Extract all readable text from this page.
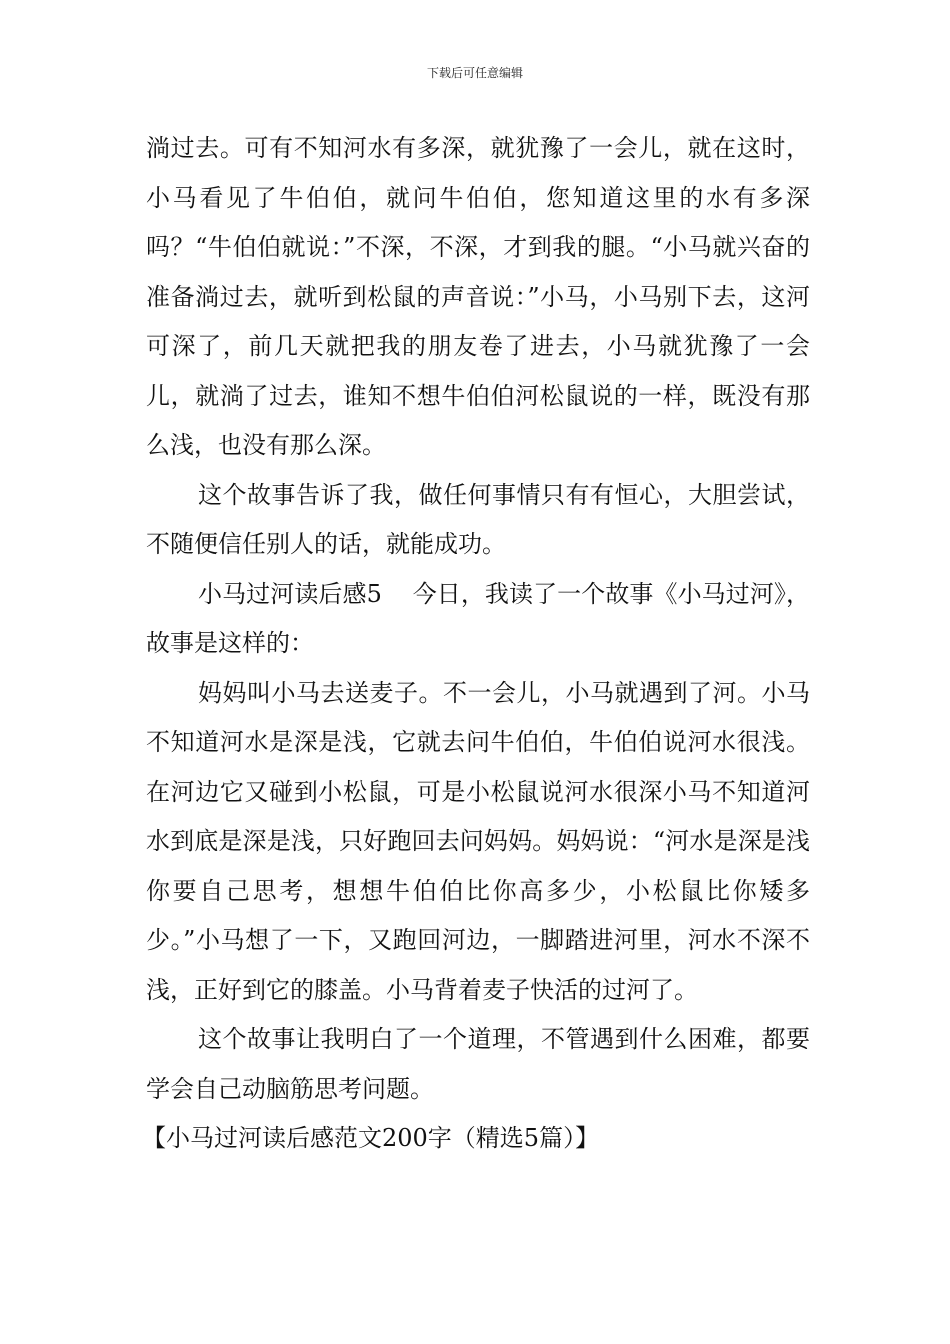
下载后可任意编辑

淌过去。可有不知河水有多深，就犹豫了一会儿，就在这时，小马看见了牛伯伯，就问牛伯伯，您知道这里的水有多深吗？“牛伯伯就说：”不深，不深，才到我的腿。“小马就兴奋的准备淌过去，就听到松鼠的声音说：”小马，小马别下去，这河可深了，前几天就把我的朋友卷了进去，小马就犹豫了一会儿，就淌了过去，谁知不想牛伯伯河松鼠说的一样，既没有那么浅，也没有那么深。

这个故事告诉了我，做任何事情只有有恒心，大胆尝试，不随便信任别人的话，就能成功。

小马过河读后感5 今日，我读了一个故事《小马过河》，故事是这样的：

妈妈叫小马去送麦子。不一会儿，小马就遇到了河。小马不知道河水是深是浅，它就去问牛伯伯，牛伯伯说河水很浅。在河边它又碰到小松鼠，可是小松鼠说河水很深小马不知道河水到底是深是浅，只好跑回去问妈妈。妈妈说：“河水是深是浅你要自己思考，想想牛伯伯比你高多少，小松鼠比你矮多少。”小马想了一下，又跑回河边，一脚踏进河里，河水不深不浅，正好到它的膝盖。小马背着麦子快活的过河了。

这个故事让我明白了一个道理，不管遇到什么困难，都要学会自己动脑筋思考问题。

【小马过河读后感范文200字（精选5篇）】
